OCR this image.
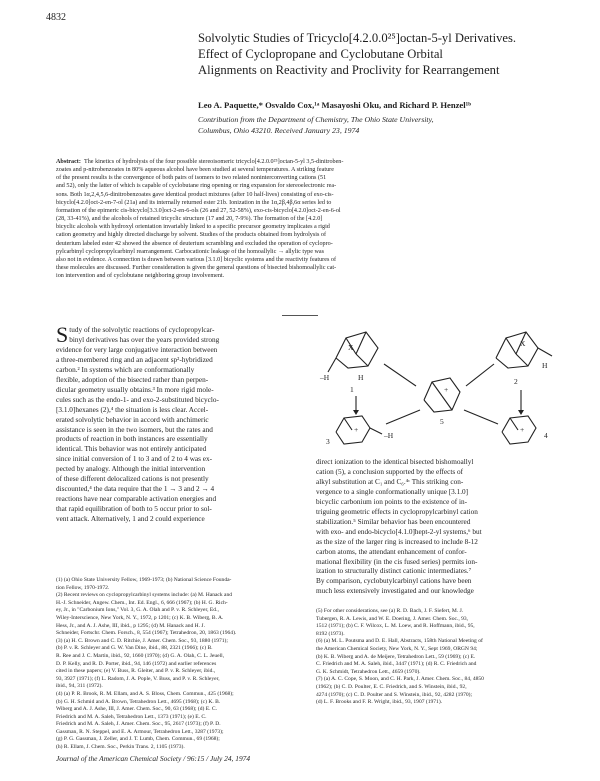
4832
Solvolytic Studies of Tricyclo[4.2.0.0²⁵]octan-5-yl Derivatives.
Effect of Cyclopropane and Cyclobutane Orbital
Alignments on Reactivity and Proclivity for Rearrangement
Leo A. Paquette,* Osvaldo Cox,¹ᵃ Masayoshi Oku, and Richard P. Henzel¹ᵇ
Contribution from the Department of Chemistry, The Ohio State University,
Columbus, Ohio 43210. Received January 23, 1974
Abstract: The kinetics of hydrolysis of the four possible stereoisomeric tricyclo[4.2.0.0²⁵]octan-5-yl 3,5-dinitroben-
zoates and p-nitrobenzoates in 80% aqueous alcohol have been studied at several temperatures. A striking feature
of the present results is the convergence of both pairs of isomers to two related noninterconverting cations (51
and 52), only the latter of which is capable of cyclobutane ring opening or ring expansion for stereoelectronic rea-
sons. Both 1α,2,4,5,6-dinitrobenzoates gave identical product mixtures (after 10 half-lives) consisting of exo-cis-
bicyclo[4.2.0]oct-2-en-7-ol (21a) and its internally returned ester 21b. Ionization in the 1α,2β,4β,6α series led to
formation of the epimeric cis-bicyclo[3.3.0]oct-2-en-6-ols (26 and 27, 52-58%), exo-cis-bicyclo[4.2.0]oct-2-en-6-ol
(28, 33-41%), and the alcohols of retained tricyclic structure (17 and 20, 7-9%). The formation of the [4.2.0]
bicyclic alcohols with hydroxyl orientation invariably linked to a specific precursor geometry implicates a rigid
cation geometry and highly directed discharge by solvent. Studies of the products obtained from hydrolysis of
deuterium labeled ester 42 showed the absence of deuterium scrambling and excluded the operation of cyclopro-
pylcarbinyl cyclopropylcarbinyl rearrangement. Carbocationic leakage of the homoallylic → allylic type was
also not in evidence. A connection is drawn between various [3.1.0] bicyclic systems and the reactivity features of
these molecules are discussed. Further consideration is given the general questions of bisected bishomoallylic cat-
ion intervention and of cyclobutane neighboring group involvement.
S tudy of the solvolytic reactions of cyclopropylcar-
binyl derivatives has over the years provided strong
evidence for very large conjugative interaction between
a three-membered ring and an adjacent sp²-hybridized
carbon.² In systems which are conformationally
flexible, adoption of the bisected rather than perpen-
dicular geometry usually obtains.³ In more rigid mole-
cules such as the endo-1- and exo-2-substituted bicyclo-
[3.1.0]hexanes (2),⁴ the situation is less clear. Accel-
erated solvolytic behavior in accord with anchimeric
assistance is seen in the two isomers, but the rates and
products of reaction in both instances are essentially
identical. This behavior was not entirely anticipated
since initial conversion of 1 to 3 and of 2 to 4 was ex-
pected by analogy. Although the initial intervention
of these different delocalized cations is not presently
discounted,⁴ the data require that the 1 → 3 and 2 → 4
reactions have near comparable activation energies and
that rapid equilibration of both to 5 occur prior to sol-
vent attack. Alternatively, 1 and 2 could experience
(1) (a) Ohio State University Fellow, 1969-1973; (b) National Science Founda-
tion Fellow, 1970-1972.
(2) Recent reviews on cyclopropylcarbinyl systems include: (a) M. Hanack and
H.-J. Schneider, Angew. Chem., Int. Ed. Engl., 6, 666 (1967); (b) H. G. Rich-
ey, Jr., in "Carbonium Ions," Vol. 3, G. A. Olah and P. v. R. Schleyer, Ed.,
Wiley-Interscience, New York, N. Y., 1972, p 1201; (c) K. B. Wiberg, B. A.
Hess, Jr., and A. J. Ashe, III, ibid., p 1295; (d) M. Hanack and H. J.
Schneider, Fortschr. Chem. Forsch., 8, 554 (1967); Tetrahedron, 20, 1863 (1964).
(3) (a) H. C. Brown and C. D. Ritchie, J. Amer. Chem. Soc., 93, 1880 (1971);
(b) P. v. R. Schleyer and G. W. Van Dine, ibid., 88, 2321 (1966); (c) B.
R. Ree and J. C. Martin, ibid., 92, 1660 (1970); (d) G. A. Olah, C. L. Jeuell,
D. P. Kelly, and R. D. Porter, ibid., 94, 146 (1972) and earlier references
cited in these papers; (e) V. Buss, R. Gleiter, and P. v. R. Schleyer, ibid.,
93, 3927 (1971); (f) L. Radom, J. A. Pople, V. Buss, and P. v. R. Schleyer,
ibid., 94, 311 (1972).
(4) (a) P. R. Brook, R. M. Ellam, and A. S. Bloss, Chem. Commun., 425 (1968);
(b) G. H. Schmid and A. Brown, Tetrahedron Lett., 4695 (1968); (c) K. B.
Wiberg and A. J. Ashe, III, J. Amer. Chem. Soc., 90, 63 (1968); (d) E. C.
Friedrich and M. A. Saleh, Tetrahedron Lett., 1373 (1971); (e) E. C.
Friedrich and M. A. Saleh, J. Amer. Chem. Soc., 95, 2617 (1973); (f) P. D.
Gassman, R. N. Steppel, and E. A. Armour, Tetrahedron Lett., 3287 (1973);
(g) P. G. Gassman, J. Zeller, and J. T. Lumb, Chem. Commun., 69 (1968);
(h) R. Ellam, J. Chem. Soc., Perkin Trans. 2, 1105 (1973).
X
–H	H
1
X
H
2
+
5
+
–H
3
+
4
direct ionization to the identical bisected bishomoallyl
cation (5), a conclusion supported by the effects of
alkyl substitution at C₁ and C₆.⁴ᶜ This striking con-
vergence to a single conformationally unique [3.1.0]
bicyclic carbonium ion points to the existence of in-
triguing geometric effects in cyclopropylcarbinyl cation
stabilization.⁵ Similar behavior has been encountered
with exo- and endo-bicyclo[4.1.0]hept-2-yl systems,⁶ but
as the size of the larger ring is increased to include 8-12
carbon atoms, the attendant enhancement of confor-
mational flexibility (in the cis fused series) permits ion-
ization to structurally distinct cationic intermediates.⁷
By comparison, cyclobutylcarbinyl cations have been
much less extensively investigated and our knowledge
(5) For other considerations, see (a) R. D. Bach, J. F. Siefert, M. J.
Tubergen, R. A. Lewis, and W. E. Doering, J. Amer. Chem. Soc., 93,
1512 (1971); (b) C. F. Wilcox, L. M. Loew, and R. Hoffmann, ibid., 95,
8192 (1973).
(6) (a) M. L. Poutsma and D. E. Hall, Abstracts, 158th National Meeting of
the American Chemical Society, New York, N. Y., Sept 1969, ORGN 94;
(b) K. B. Wiberg and A. de Meijere, Tetrahedron Lett., 59 (1969); (c) E.
C. Friedrich and M. A. Saleh, ibid., 3447 (1971); (d) R. C. Friedrich and
G. K. Schmidt, Tetrahedron Lett., 4659 (1970).
(7) (a) A. C. Cope, S. Moon, and C. H. Park, J. Amer. Chem. Soc., 84, 4850
(1962); (b) C. D. Poulter, E. C. Friedrich, and S. Winstein, ibid., 92,
4274 (1970); (c) C. D. Poulter and S. Winstein, ibid., 92, 4282 (1970);
(d) L. F. Brooks and F. R. Wright, ibid., 93, 1907 (1971).
Journal of the American Chemical Society / 96:15 / July 24, 1974
